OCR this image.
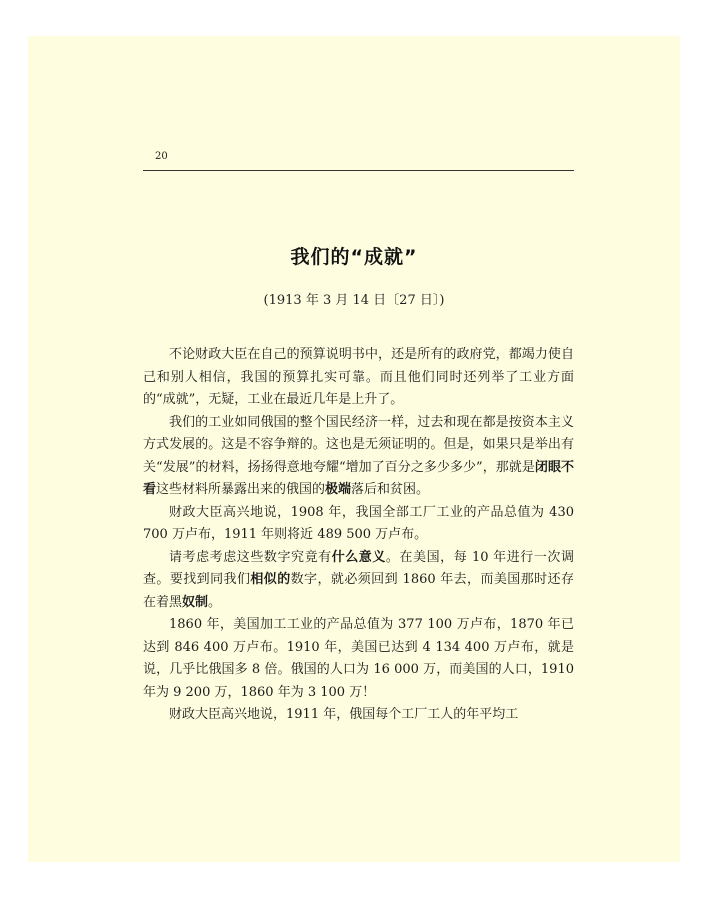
20
我们的“成就”
(1913 年 3 月 14 日〔27 日〕)

不论财政大臣在自己的预算说明书中，还是所有的政府党，都竭力使自己和别人相信，我国的预算扎实可靠。而且他们同时还列举了工业方面的“成就”，无疑，工业在最近几年是上升了。

我们的工业如同俄国的整个国民经济一样，过去和现在都是按资本主义方式发展的。这是不容争辩的。这也是无须证明的。但是，如果只是举出有关“发展”的材料，扬扬得意地夸耀“增加了百分之多少多少”，那就是闭眼不看这些材料所暴露出来的俄国的极端落后和贫困。

财政大臣高兴地说，1908 年，我国全部工厂工业的产品总值为 430 700 万卢布，1911 年则将近 489 500 万卢布。

请考虑考虑这些数字究竟有什么意义。在美国，每 10 年进行一次调查。要找到同我们相似的数字，就必须回到 1860 年去，而美国那时还存在着黑奴制。

1860 年，美国加工工业的产品总值为 377 100 万卢布，1870 年已达到 846 400 万卢布。1910 年，美国已达到 4 134 400 万卢布，就是说，几乎比俄国多 8 倍。俄国的人口为 16 000 万，而美国的人口，1910 年为 9 200 万，1860 年为 3 100 万！

财政大臣高兴地说，1911 年，俄国每个工厂工人的年平均工
